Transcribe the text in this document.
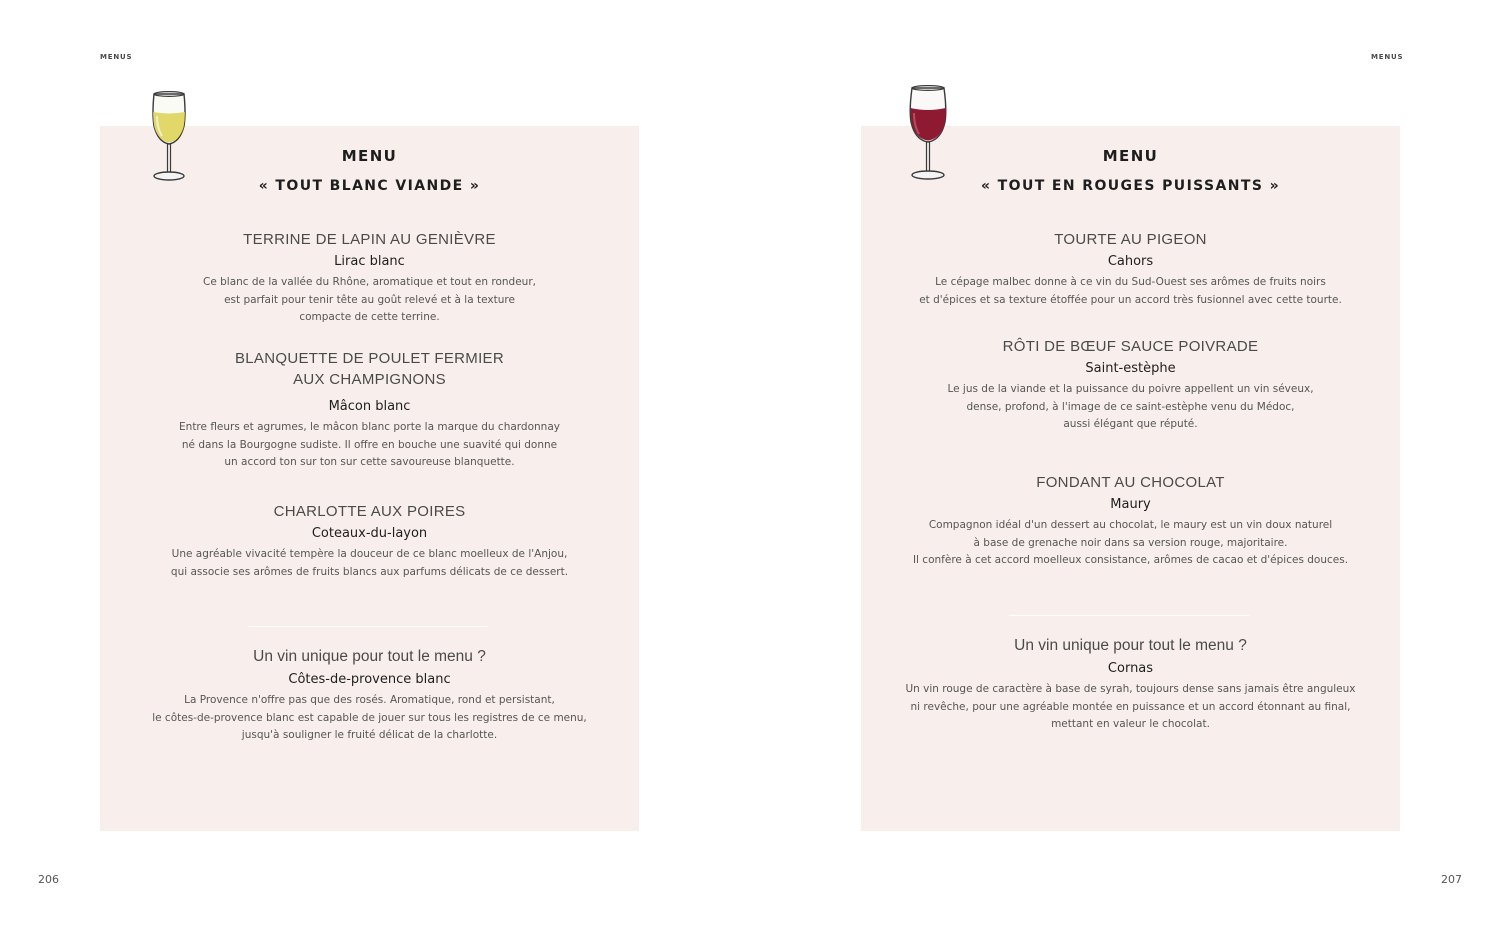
MENUS
MENU
« TOUT BLANC VIANDE »
TERRINE DE LAPIN AU GENIÈVRE
Lirac blanc
Ce blanc de la vallée du Rhône, aromatique et tout en rondeur,
est parfait pour tenir tête au goût relevé et à la texture
compacte de cette terrine.
BLANQUETTE DE POULET FERMIER
AUX CHAMPIGNONS
Mâcon blanc
Entre fleurs et agrumes, le mâcon blanc porte la marque du chardonnay
né dans la Bourgogne sudiste. Il offre en bouche une suavité qui donne
un accord ton sur ton sur cette savoureuse blanquette.
CHARLOTTE AUX POIRES
Coteaux-du-layon
Une agréable vivacité tempère la douceur de ce blanc moelleux de l'Anjou,
qui associe ses arômes de fruits blancs aux parfums délicats de ce dessert.
Un vin unique pour tout le menu ?
Côtes-de-provence blanc
La Provence n'offre pas que des rosés. Aromatique, rond et persistant,
le côtes-de-provence blanc est capable de jouer sur tous les registres de ce menu,
jusqu'à souligner le fruité délicat de la charlotte.
206
MENUS
MENU
« TOUT EN ROUGES PUISSANTS »
TOURTE AU PIGEON
Cahors
Le cépage malbec donne à ce vin du Sud-Ouest ses arômes de fruits noirs
et d'épices et sa texture étoffée pour un accord très fusionnel avec cette tourte.
RÔTI DE BŒUF SAUCE POIVRADE
Saint-estèphe
Le jus de la viande et la puissance du poivre appellent un vin séveux,
dense, profond, à l'image de ce saint-estèphe venu du Médoc,
aussi élégant que réputé.
FONDANT AU CHOCOLAT
Maury
Compagnon idéal d'un dessert au chocolat, le maury est un vin doux naturel
à base de grenache noir dans sa version rouge, majoritaire.
Il confère à cet accord moelleux consistance, arômes de cacao et d'épices douces.
Un vin unique pour tout le menu ?
Cornas
Un vin rouge de caractère à base de syrah, toujours dense sans jamais être anguleux
ni revêche, pour une agréable montée en puissance et un accord étonnant au final,
mettant en valeur le chocolat.
207
